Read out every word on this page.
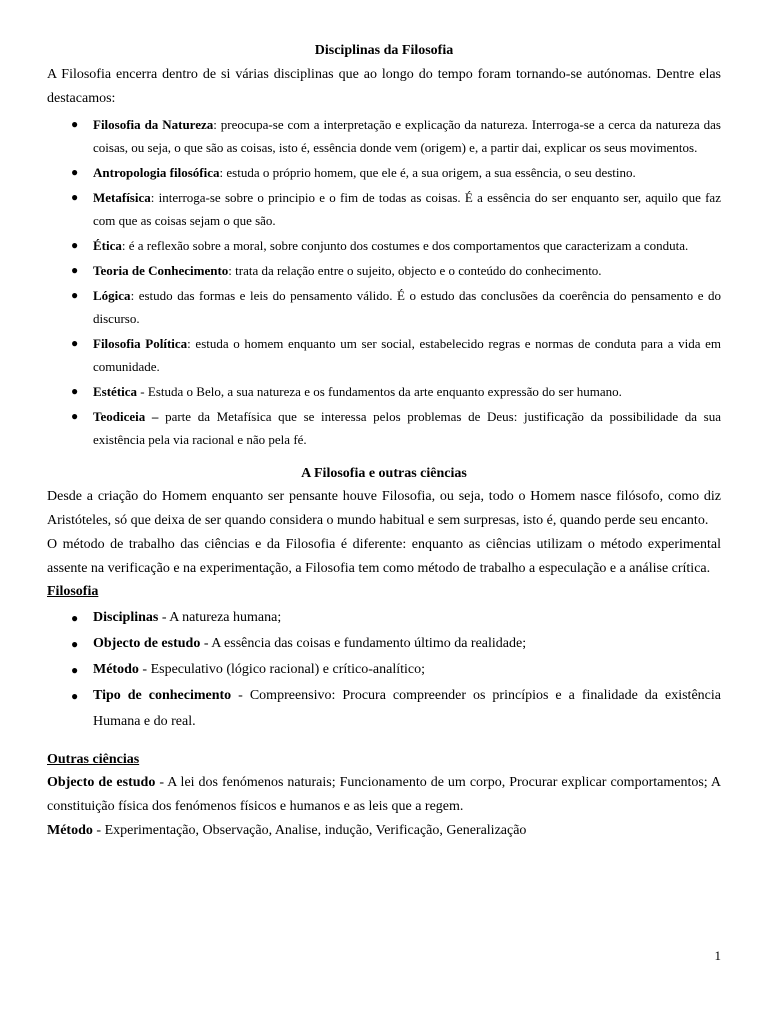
Disciplinas da Filosofia

A Filosofia encerra dentro de si várias disciplinas que ao longo do tempo foram tornando-se autónomas. Dentre elas destacamos:

● Filosofia da Natureza: preocupa-se com a interpretação e explicação da natureza. Interroga-se a cerca da natureza das coisas, ou seja, o que são as coisas, isto é, essência donde vem (origem) e, a partir dai, explicar os seus movimentos.
● Antropologia filosófica: estuda o próprio homem, que ele é, a sua origem, a sua essência, o seu destino.
● Metafísica: interroga-se sobre o principio e o fim de todas as coisas. É a essência do ser enquanto ser, aquilo que faz com que as coisas sejam o que são.
● Ética: é a reflexão sobre a moral, sobre conjunto dos costumes e dos comportamentos que caracterizam a conduta.
● Teoria de Conhecimento: trata da relação entre o sujeito, objecto e o conteúdo do conhecimento.
● Lógica: estudo das formas e leis do pensamento válido. É o estudo das conclusões da coerência do pensamento e do discurso.
● Filosofia Política: estuda o homem enquanto um ser social, estabelecido regras e normas de conduta para a vida em comunidade.
● Estética - Estuda o Belo, a sua natureza e os fundamentos da arte enquanto expressão do ser humano.
● Teodiceia – parte da Metafísica que se interessa pelos problemas de Deus: justificação da possibilidade da sua existência pela via racional e não pela fé.
A Filosofia e outras ciências

Desde a criação do Homem enquanto ser pensante houve Filosofia, ou seja, todo o Homem nasce filósofo, como diz Aristóteles, só que deixa de ser quando considera o mundo habitual e sem surpresas, isto é, quando perde seu encanto.

O método de trabalho das ciências e da Filosofia é diferente: enquanto as ciências utilizam o método experimental assente na verificação e na experimentação, a Filosofia tem como método de trabalho a especulação e a análise crítica.

Filosofia

● Disciplinas - A natureza humana;
● Objecto de estudo - A essência das coisas e fundamento último da realidade;
● Método - Especulativo (lógico racional) e crítico-analítico;
● Tipo de conhecimento - Compreensivo: Procura compreender os princípios e a finalidade da existência Humana e do real.

Outras ciências

Objecto de estudo - A lei dos fenómenos naturais; Funcionamento de um corpo, Procurar explicar comportamentos; A constituição física dos fenómenos físicos e humanos e as leis que a regem.

Método - Experimentação, Observação, Analise, indução, Verificação, Generalização

1
